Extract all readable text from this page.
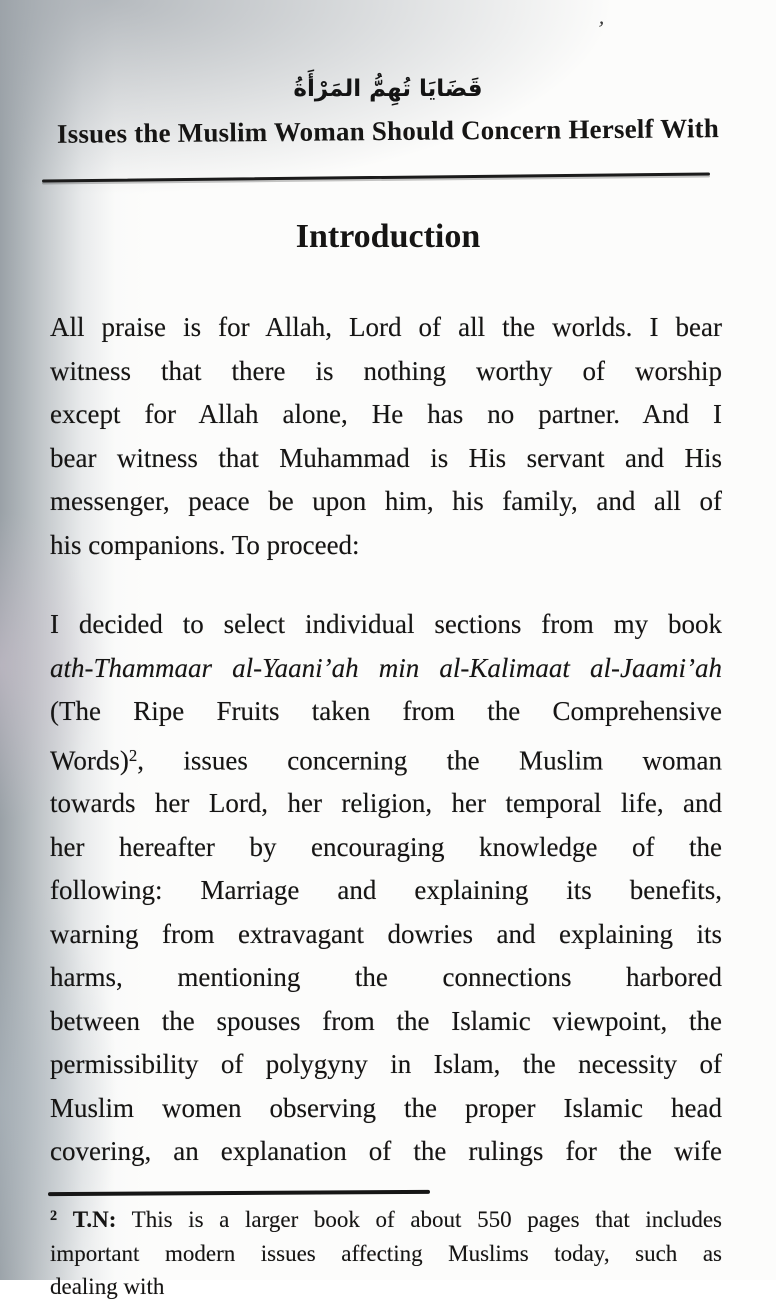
’
قَضَايَا تُهِمُّ المَرْأَةُ
Issues the Muslim Woman Should Concern Herself With
Introduction
All praise is for Allah, Lord of all the worlds. I bear
witness that there is nothing worthy of worship
except for Allah alone, He has no partner. And I
bear witness that Muhammad is His servant and His
messenger, peace be upon him, his family, and all of
his companions. To proceed:
I decided to select individual sections from my book
ath-Thammaar al-Yaani’ah min al-Kalimaat al-Jaami’ah
(The Ripe Fruits taken from the Comprehensive
Words)$^2$, issues concerning the Muslim woman
towards her Lord, her religion, her temporal life, and
her hereafter by encouraging knowledge of the
following: Marriage and explaining its benefits,
warning from extravagant dowries and explaining its
harms, mentioning the connections harbored
between the spouses from the Islamic viewpoint, the
permissibility of polygyny in Islam, the necessity of
Muslim women observing the proper Islamic head
covering, an explanation of the rulings for the wife
$^2$ T.N: This is a larger book of about 550 pages that includes
important modern issues affecting Muslims today, such as
dealing with
